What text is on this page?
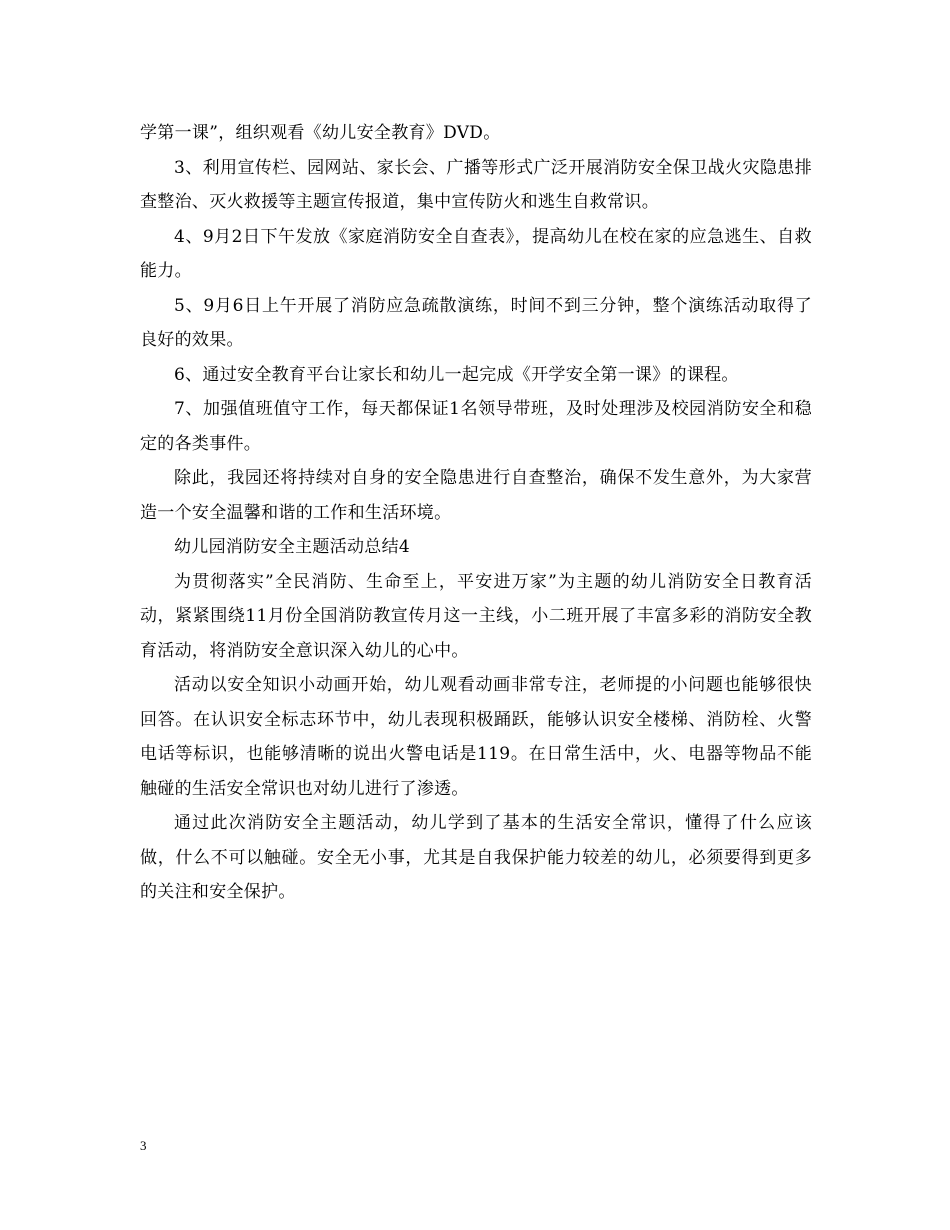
学第一课”，组织观看《幼儿安全教育》DVD。

3、利用宣传栏、园网站、家长会、广播等形式广泛开展消防安全保卫战火灾隐患排查整治、灭火救援等主题宣传报道，集中宣传防火和逃生自救常识。

4、9月2日下午发放《家庭消防安全自查表》，提高幼儿在校在家的应急逃生、自救能力。

5、9月6日上午开展了消防应急疏散演练，时间不到三分钟，整个演练活动取得了良好的效果。

6、通过安全教育平台让家长和幼儿一起完成《开学安全第一课》的课程。

7、加强值班值守工作，每天都保证1名领导带班，及时处理涉及校园消防安全和稳定的各类事件。

除此，我园还将持续对自身的安全隐患进行自查整治，确保不发生意外，为大家营造一个安全温馨和谐的工作和生活环境。

幼儿园消防安全主题活动总结4

为贯彻落实”全民消防、生命至上，平安进万家”为主题的幼儿消防安全日教育活动，紧紧围绕11月份全国消防教宣传月这一主线，小二班开展了丰富多彩的消防安全教育活动，将消防安全意识深入幼儿的心中。

活动以安全知识小动画开始，幼儿观看动画非常专注，老师提的小问题也能够很快回答。在认识安全标志环节中，幼儿表现积极踊跃，能够认识安全楼梯、消防栓、火警电话等标识，也能够清晰的说出火警电话是119。在日常生活中，火、电器等物品不能触碰的生活安全常识也对幼儿进行了渗透。

通过此次消防安全主题活动，幼儿学到了基本的生活安全常识，懂得了什么应该做，什么不可以触碰。安全无小事，尤其是自我保护能力较差的幼儿，必须要得到更多的关注和安全保护。

3
